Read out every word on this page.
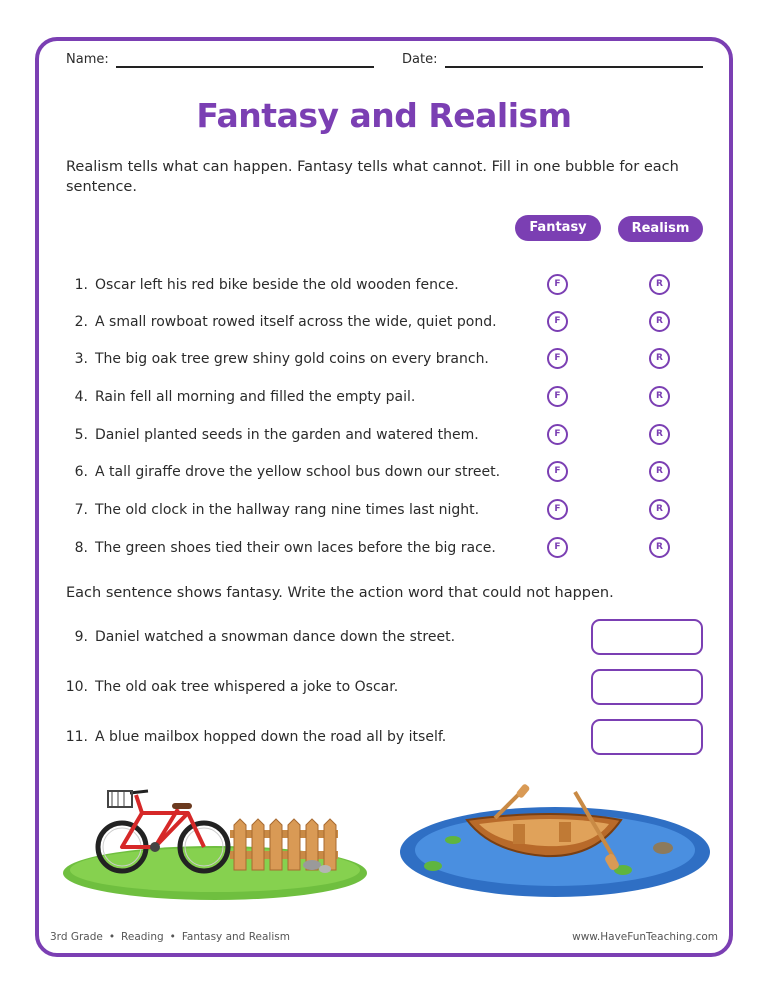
Name:	Date:
Fantasy and Realism
Realism tells what can happen. Fantasy tells what cannot. Fill in one bubble for each sentence.
Fantasy	Realism
1. Oscar left his red bike beside the old wooden fence.	F	R
2. A small rowboat rowed itself across the wide, quiet pond.	F	R
3. The big oak tree grew shiny gold coins on every branch.	F	R
4. Rain fell all morning and filled the empty pail.	F	R
5. Daniel planted seeds in the garden and watered them.	F	R
6. A tall giraffe drove the yellow school bus down our street.	F	R
7. The old clock in the hallway rang nine times last night.	F	R
8. The green shoes tied their own laces before the big race.	F	R
Each sentence shows fantasy. Write the action word that could not happen.
9. Daniel watched a snowman dance down the street.
10. The old oak tree whispered a joke to Oscar.
11. A blue mailbox hopped down the road all by itself.
3rd Grade • Reading • Fantasy and Realism	www.HaveFunTeaching.com
